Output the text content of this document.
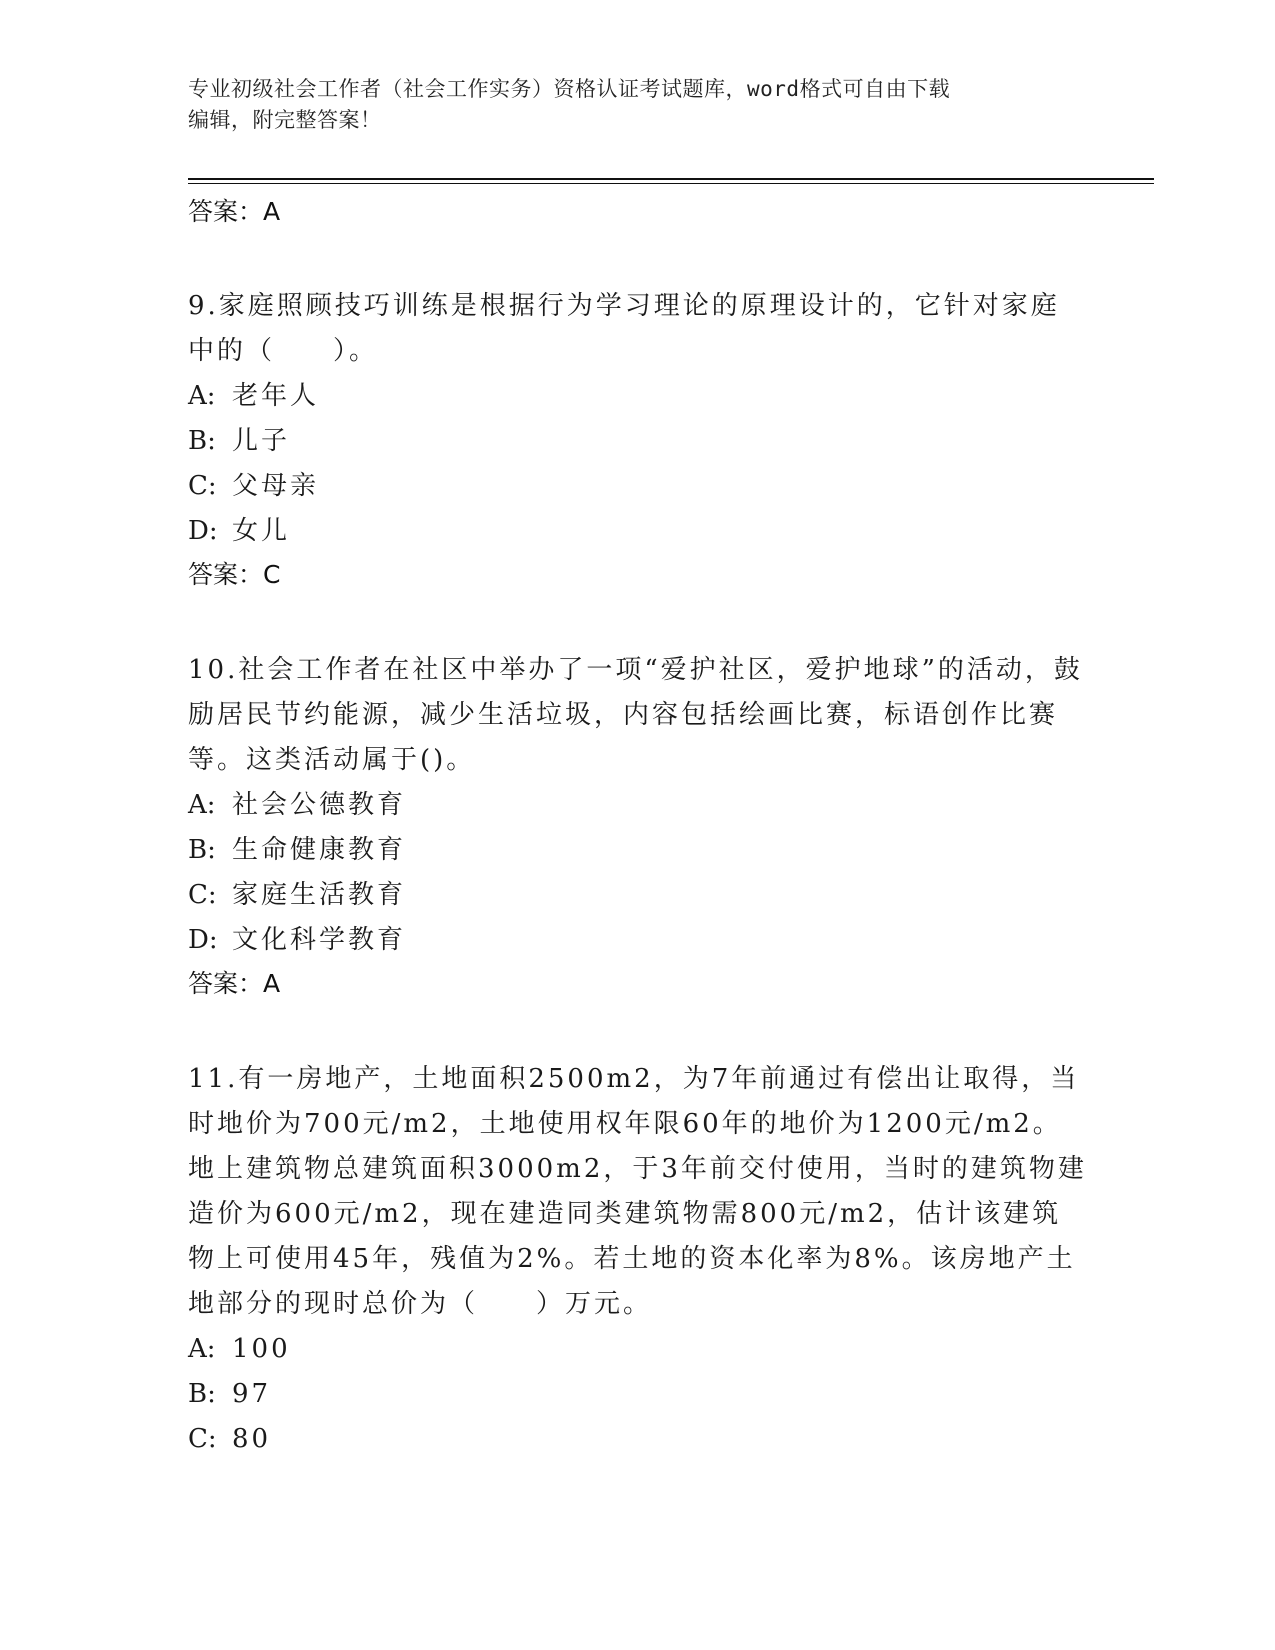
专业初级社会工作者（社会工作实务）资格认证考试题库，word格式可自由下载
编辑，附完整答案！

答案：A

9.家庭照顾技巧训练是根据行为学习理论的原理设计的，它针对家庭中的（　　）。

A: 老年人

B: 儿子

C: 父母亲

D: 女儿

答案：C

10.社会工作者在社区中举办了一项“爱护社区，爱护地球”的活动，鼓励居民节约能源，减少生活垃圾，内容包括绘画比赛，标语创作比赛等。这类活动属于()。

A: 社会公德教育

B: 生命健康教育

C: 家庭生活教育

D: 文化科学教育

答案：A

11.有一房地产，土地面积2500m2，为7年前通过有偿出让取得，当时地价为700元/m2，土地使用权年限60年的地价为1200元/m2。地上建筑物总建筑面积3000m2，于3年前交付使用，当时的建筑物建造价为600元/m2，现在建造同类建筑物需800元/m2，估计该建筑物上可使用45年，残值为2%。若土地的资本化率为8%。该房地产土地部分的现时总价为（　　）万元。

A: 100

B: 97

C: 80
